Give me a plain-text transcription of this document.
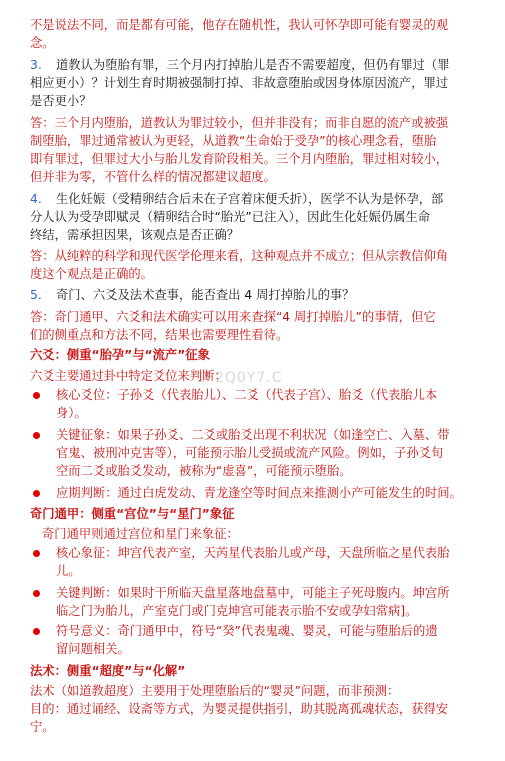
1F2Q0Y7.C
不是说法不同，而是都有可能，他存在随机性，我认可怀孕即可能有婴灵的观
念。
3. 道教认为堕胎有罪，三个月内打掉胎儿是否不需要超度，但仍有罪过（罪
相应更小）？计划生育时期被强制打掉、非故意堕胎或因身体原因流产，罪过
是否更小？
答：三个月内堕胎，道教认为罪过较小，但并非没有；而非自愿的流产或被强
制堕胎，罪过通常被认为更轻，从道教“生命始于受孕”的核心理念看，堕胎
即有罪过，但罪过大小与胎儿发育阶段相关。三个月内堕胎，罪过相对较小，
但并非为零，不管什么样的情况都建议超度。
4. 生化妊娠（受精卵结合后未在子宫着床便夭折），医学不认为是怀孕，部
分人认为受孕即赋灵（精卵结合时“胎光”已注入），因此生化妊娠仍属生命
终结，需承担因果，该观点是否正确？
答：从纯粹的科学和现代医学伦理来看，这种观点并不成立；但从宗教信仰角
度这个观点是正确的。
5. 奇门、六爻及法术查事，能否查出 4 周打掉胎儿的事？
答：奇门通甲、六爻和法术确实可以用来查探“4 周打掉胎儿”的事情，但它
们的侧重点和方法不同，结果也需要理性看待。
六爻：侧重“胎孕”与“流产”征象
六爻主要通过卦中特定爻位来判断：
核心爻位：子孙爻（代表胎儿）、二爻（代表子宫）、胎爻（代表胎儿本
身）。
关键征象：如果子孙爻、二爻或胎爻出现不利状况（如逢空亡、入墓、带
官鬼、被刑冲克害等），可能预示胎儿受损或流产风险。例如，子孙爻旬
空而二爻或胎爻发动，被称为“虚喜”，可能预示堕胎。
应期判断：通过白虎发动、青龙逢空等时间点来推测小产可能发生的时间。
奇门通甲：侧重“宫位”与“星门”象征
奇门通甲则通过宫位和星门来象征：
核心象征：坤宫代表产室，天芮星代表胎儿或产母，天盘所临之星代表胎
儿。
关键判断：如果时干所临天盘星落地盘墓中，可能主子死母腹内。坤宫所
临之门为胎儿，产室克门或门克坤宫可能表示胎不安或孕妇常病]。
符号意义：奇门通甲中，符号“癸”代表鬼魂、婴灵，可能与堕胎后的遗
留问题相关。
法术：侧重“超度”与“化解”
法术（如道教超度）主要用于处理堕胎后的“婴灵”问题，而非预测：
目的：通过诵经、设斋等方式，为婴灵提供指引，助其脱离孤魂状态，获得安
宁。
